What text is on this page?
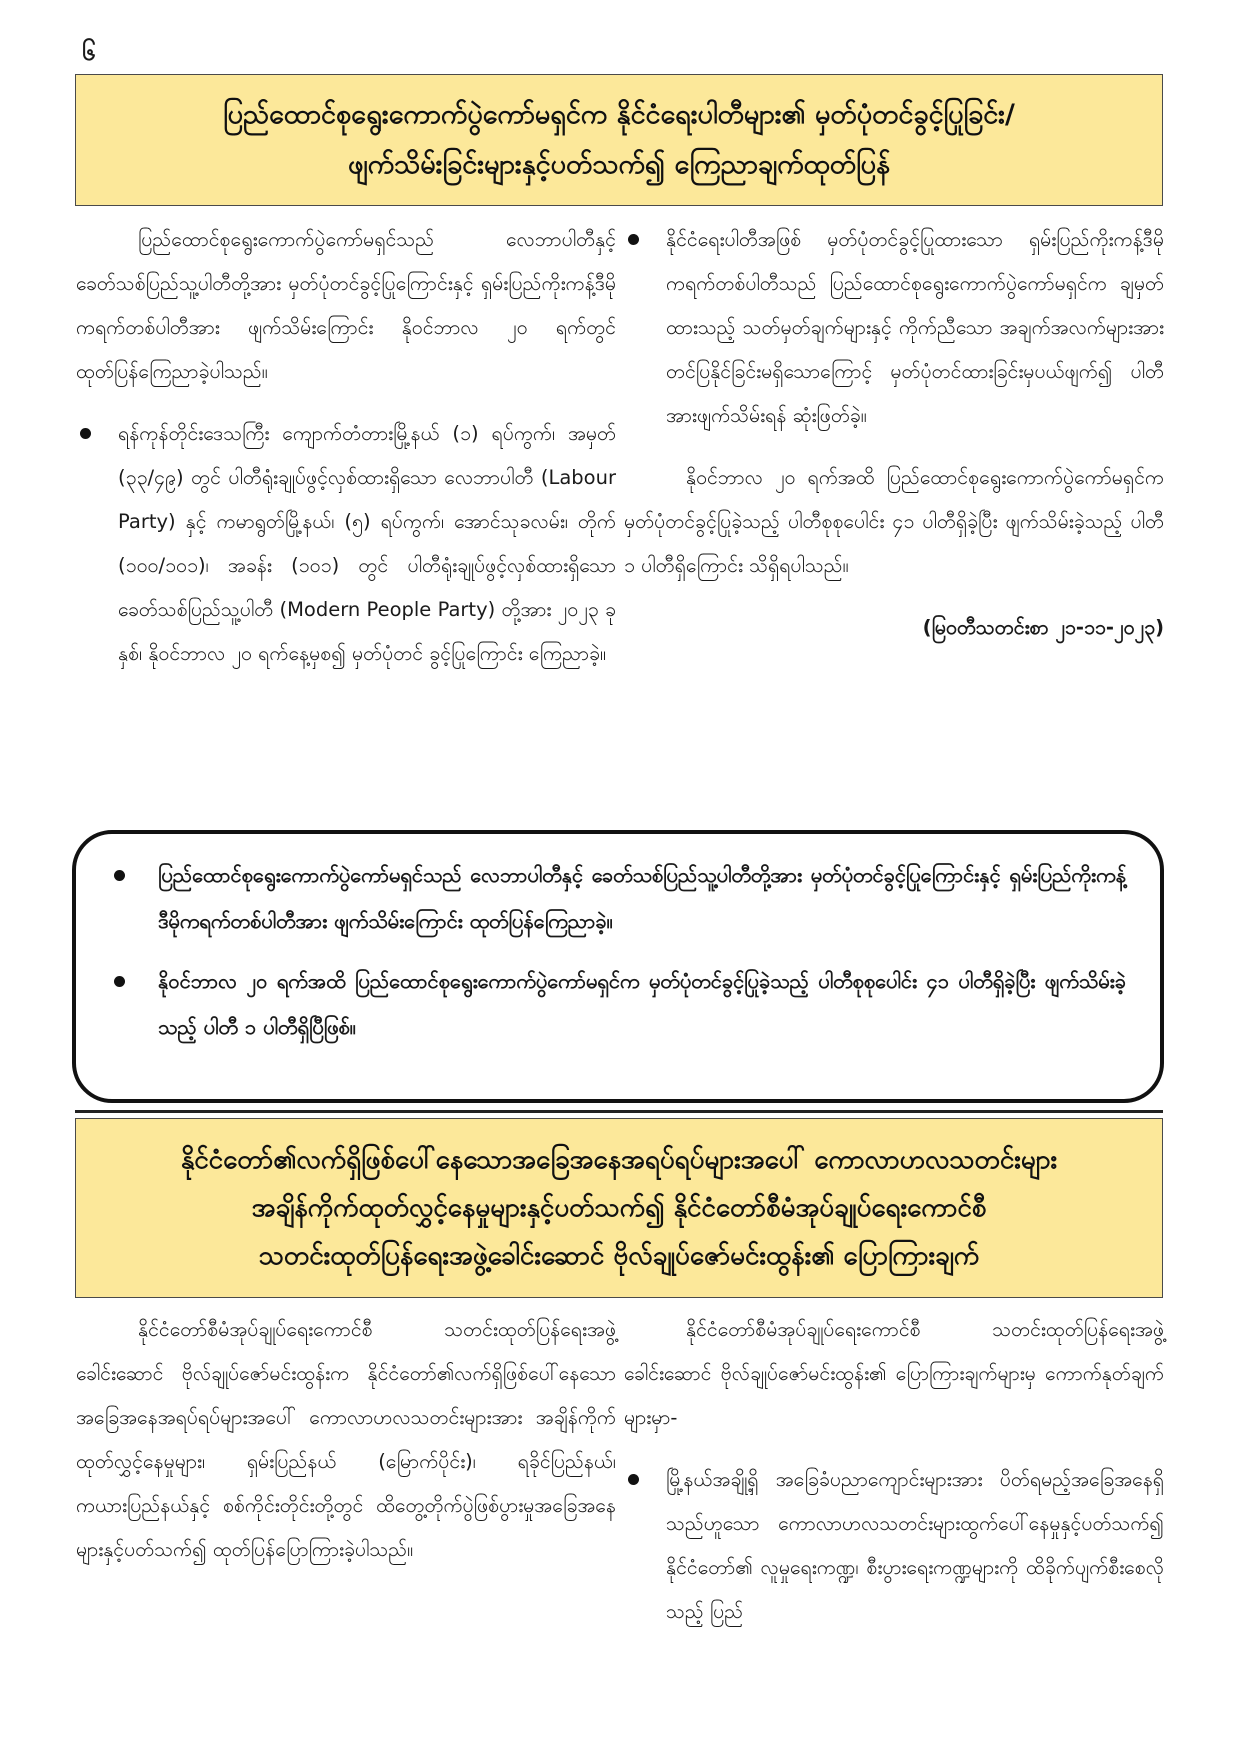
၆
ပြည်ထောင်စုရွေးကောက်ပွဲကော်မရှင်က နိုင်ငံရေးပါတီများ၏ မှတ်ပုံတင်ခွင့်ပြုခြင်း/
ဖျက်သိမ်းခြင်းများနှင့်ပတ်သက်၍ ကြေညာချက်ထုတ်ပြန်

ပြည်ထောင်စုရွေးကောက်ပွဲကော်မရှင်သည် လေဘာပါတီနှင့် ခေတ်သစ်ပြည်သူ့ပါတီတို့အား မှတ်ပုံတင်ခွင့်ပြုကြောင်းနှင့် ရှမ်းပြည်ကိုးကန့်ဒီမိုကရက်တစ်ပါတီအား ဖျက်သိမ်းကြောင်း နိုဝင်ဘာလ ၂၀ ရက်တွင် ထုတ်ပြန်ကြေညာခဲ့ပါသည်။

ရန်ကုန်တိုင်းဒေသကြီး ကျောက်တံတားမြို့နယ် (၁) ရပ်ကွက်၊ အမှတ် (၃၃/၄၉) တွင် ပါတီရုံးချုပ်ဖွင့်လှစ်ထားရှိသော လေဘာပါတီ (Labour Party) နှင့် ကမာရွတ်မြို့နယ်၊ (၅) ရပ်ကွက်၊ အောင်သုခလမ်း၊ တိုက် (၁၀၀/၁၀၁)၊ အခန်း (၁၀၁) တွင် ပါတီရုံးချုပ်ဖွင့်လှစ်ထားရှိသော ခေတ်သစ်ပြည်သူ့ပါတီ (Modern People Party) တို့အား ၂၀၂၃ ခုနှစ်၊ နိုဝင်ဘာလ ၂၀ ရက်နေ့မှစ၍ မှတ်ပုံတင် ခွင့်ပြုကြောင်း ကြေညာခဲ့။
နိုင်ငံရေးပါတီအဖြစ် မှတ်ပုံတင်ခွင့်ပြုထားသော ရှမ်းပြည်ကိုးကန့်ဒီမိုကရက်တစ်ပါတီသည် ပြည်ထောင်စုရွေးကောက်ပွဲကော်မရှင်က ချမှတ်ထားသည့် သတ်မှတ်ချက်များနှင့် ကိုက်ညီသော အချက်အလက်များအား တင်ပြနိုင်ခြင်းမရှိသောကြောင့် မှတ်ပုံတင်ထားခြင်းမှပယ်ဖျက်၍ ပါတီအားဖျက်သိမ်းရန် ဆုံးဖြတ်ခဲ့။

နိုဝင်ဘာလ ၂၀ ရက်အထိ ပြည်ထောင်စုရွေးကောက်ပွဲကော်မရှင်က မှတ်ပုံတင်ခွင့်ပြုခဲ့သည့် ပါတီစုစုပေါင်း ၄၁ ပါတီရှိခဲ့ပြီး ဖျက်သိမ်းခဲ့သည့် ပါတီ ၁ ပါတီရှိကြောင်း သိရှိရပါသည်။

(မြဝတီသတင်းစာ ၂၁-၁၁-၂၀၂၃)

ပြည်ထောင်စုရွေးကောက်ပွဲကော်မရှင်သည် လေဘာပါတီနှင့် ခေတ်သစ်ပြည်သူ့ပါတီတို့အား မှတ်ပုံတင်ခွင့်ပြုကြောင်းနှင့် ရှမ်းပြည်ကိုးကန့်ဒီမိုကရက်တစ်ပါတီအား ဖျက်သိမ်းကြောင်း ထုတ်ပြန်ကြေညာခဲ့။
နိုဝင်ဘာလ ၂၀ ရက်အထိ ပြည်ထောင်စုရွေးကောက်ပွဲကော်မရှင်က မှတ်ပုံတင်ခွင့်ပြုခဲ့သည့် ပါတီစုစုပေါင်း ၄၁ ပါတီရှိခဲ့ပြီး ဖျက်သိမ်းခဲ့သည့် ပါတီ ၁ ပါတီရှိပြီဖြစ်။
နိုင်ငံတော်၏လက်ရှိဖြစ်ပေါ်နေသောအခြေအနေအရပ်ရပ်များအပေါ် ကောလာဟလသတင်းများ
အချိန်ကိုက်ထုတ်လွှင့်နေမှုများနှင့်ပတ်သက်၍ နိုင်ငံတော်စီမံအုပ်ချုပ်ရေးကောင်စီ
သတင်းထုတ်ပြန်ရေးအဖွဲ့ခေါင်းဆောင် ဗိုလ်ချုပ်ဇော်မင်းထွန်း၏ ပြောကြားချက်

နိုင်ငံတော်စီမံအုပ်ချုပ်ရေးကောင်စီ သတင်းထုတ်ပြန်ရေးအဖွဲ့ခေါင်းဆောင် ဗိုလ်ချုပ်ဇော်မင်းထွန်းက နိုင်ငံတော်၏လက်ရှိဖြစ်ပေါ်နေသော အခြေအနေအရပ်ရပ်များအပေါ် ကောလာဟလသတင်းများအား အချိန်ကိုက်ထုတ်လွှင့်နေမှုများ၊ ရှမ်းပြည်နယ် (မြောက်ပိုင်း)၊ ရခိုင်ပြည်နယ်၊ ကယားပြည်နယ်နှင့် စစ်ကိုင်းတိုင်းတို့တွင် ထိတွေ့တိုက်ပွဲဖြစ်ပွားမှုအခြေအနေများနှင့်ပတ်သက်၍ ထုတ်ပြန်ပြောကြားခဲ့ပါသည်။

နိုင်ငံတော်စီမံအုပ်ချုပ်ရေးကောင်စီ သတင်းထုတ်ပြန်ရေးအဖွဲ့ခေါင်းဆောင် ဗိုလ်ချုပ်ဇော်မင်းထွန်း၏ ပြောကြားချက်များမှ ကောက်နုတ်ချက်များမှာ-

မြို့နယ်အချို့ရှိ အခြေခံပညာကျောင်းများအား ပိတ်ရမည့်အခြေအနေရှိသည်ဟူသော ကောလာဟလသတင်းများထွက်ပေါ်နေမှုနှင့်ပတ်သက်၍ နိုင်ငံတော်၏ လူမှုရေးကဏ္ဍ၊ စီးပွားရေးကဏ္ဍများကို ထိခိုက်ပျက်စီးစေလိုသည့် ပြည်
